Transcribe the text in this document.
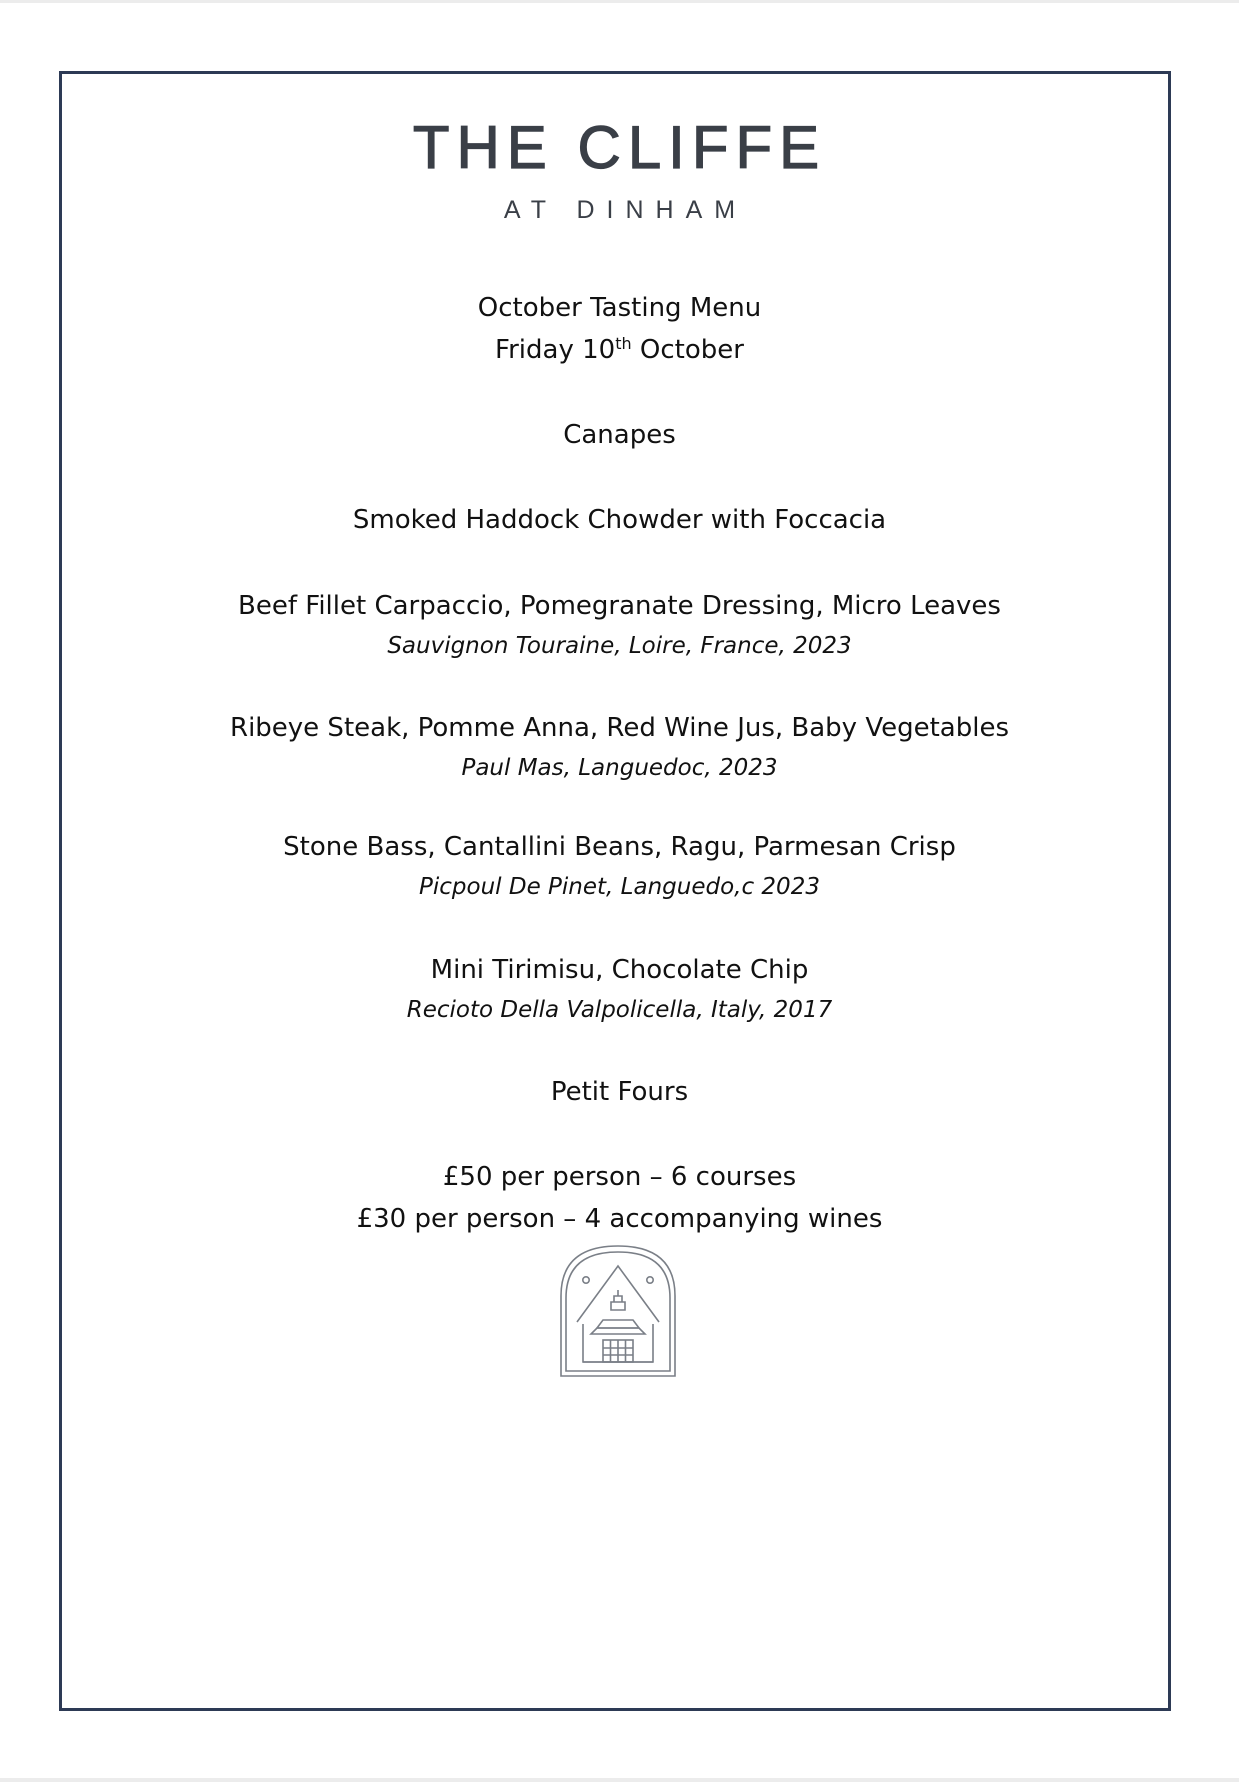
THE CLIFFE
AT DINHAM
October Tasting Menu
Friday 10th October
Canapes
Smoked Haddock Chowder with Foccacia
Beef Fillet Carpaccio, Pomegranate Dressing, Micro Leaves
Sauvignon Touraine, Loire, France, 2023
Ribeye Steak, Pomme Anna, Red Wine Jus, Baby Vegetables
Paul Mas, Languedoc, 2023
Stone Bass, Cantallini Beans, Ragu, Parmesan Crisp
Picpoul De Pinet, Languedo,c 2023
Mini Tirimisu, Chocolate Chip
Recioto Della Valpolicella, Italy, 2017
Petit Fours
£50 per person – 6 courses
£30 per person – 4 accompanying wines
